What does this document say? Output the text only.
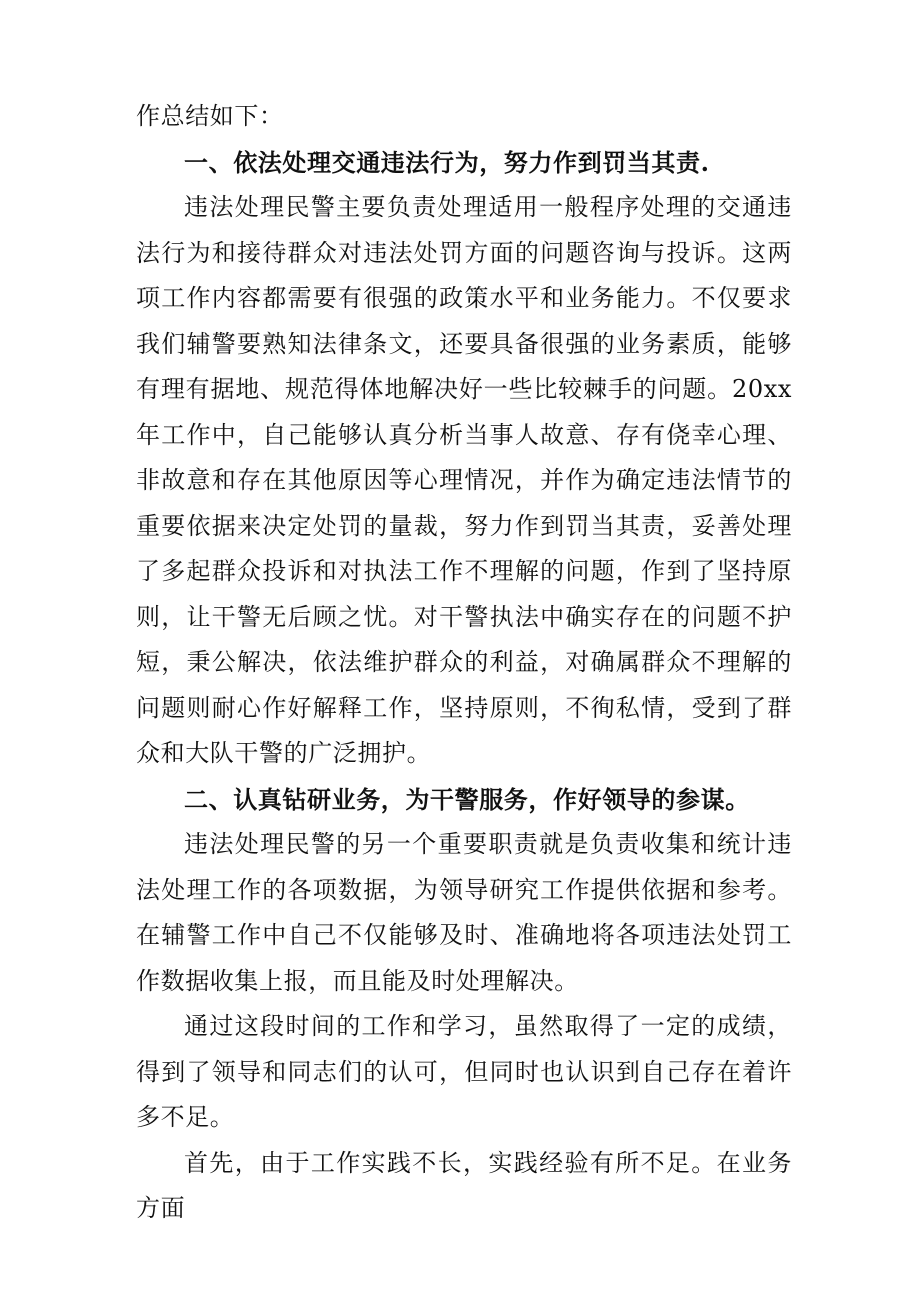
作总结如下：

一、依法处理交通违法行为，努力作到罚当其责.

违法处理民警主要负责处理适用一般程序处理的交通违法行为和接待群众对违法处罚方面的问题咨询与投诉。这两项工作内容都需要有很强的政策水平和业务能力。不仅要求我们辅警要熟知法律条文，还要具备很强的业务素质，能够有理有据地、规范得体地解决好一些比较棘手的问题。20xx 年工作中，自己能够认真分析当事人故意、存有侥幸心理、非故意和存在其他原因等心理情况，并作为确定违法情节的重要依据来决定处罚的量裁，努力作到罚当其责，妥善处理了多起群众投诉和对执法工作不理解的问题，作到了坚持原则，让干警无后顾之忧。对干警执法中确实存在的问题不护短，秉公解决，依法维护群众的利益，对确属群众不理解的问题则耐心作好解释工作，坚持原则，不徇私情，受到了群众和大队干警的广泛拥护。

二、认真钻研业务，为干警服务，作好领导的参谋。

违法处理民警的另一个重要职责就是负责收集和统计违法处理工作的各项数据，为领导研究工作提供依据和参考。在辅警工作中自己不仅能够及时、准确地将各项违法处罚工作数据收集上报，而且能及时处理解决。

通过这段时间的工作和学习，虽然取得了一定的成绩，得到了领导和同志们的认可，但同时也认识到自己存在着许多不足。

首先，由于工作实践不长，实践经验有所不足。在业务方面
